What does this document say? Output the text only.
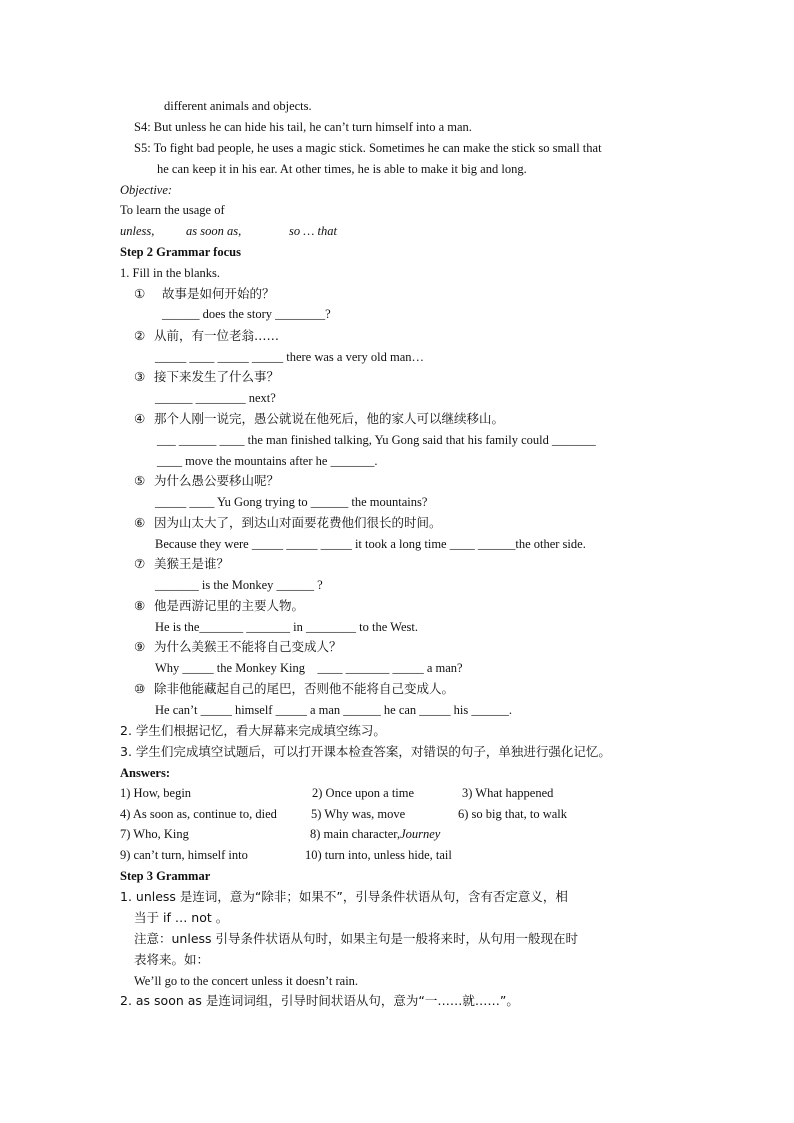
different animals and objects.
S4: But unless he can hide his tail, he can’t turn himself into a man.
S5: To fight bad people, he uses a magic stick. Sometimes he can make the stick so small that
he can keep it in his ear. At other times, he is able to make it big and long.
Objective:
To learn the usage of
unless,	as soon as,	so … that
Step 2 Grammar focus
1. Fill in the blanks.
① 故事是如何开始的？
______ does the story ________?
② 从前，有一位老翁……
_____ ____ _____ _____ there was a very old man…
③ 接下来发生了什么事？
______ ________ next?
④ 那个人刚一说完，愚公就说在他死后，他的家人可以继续移山。
___ ______ ____ the man finished talking, Yu Gong said that his family could _______
____ move the mountains after he _______.
⑤ 为什么愚公要移山呢？
_____ ____ Yu Gong trying to ______ the mountains?
⑥ 因为山太大了，到达山对面要花费他们很长的时间。
Because they were _____ _____ _____ it took a long time ____ ______the other side.
⑦ 美猴王是谁？
_______ is the Monkey ______ ?
⑧ 他是西游记里的主要人物。
He is the_______ _______ in ________ to the West.
⑨ 为什么美猴王不能将自己变成人？
Why _____ the Monkey King    ____ _______ _____ a man?
⑩ 除非他能藏起自己的尾巴，否则他不能将自己变成人。
He can’t _____ himself _____ a man ______ he can _____ his ______.
2. 学生们根据记忆，看大屏幕来完成填空练习。
3. 学生们完成填空试题后，可以打开课本检查答案，对错误的句子，单独进行强化记忆。
Answers:
1) How, begin	2) Once upon a time	3) What happened
4) As soon as, continue to, died	5) Why was, move	6) so big that, to walk
7) Who, King	8) main character,Journey
9) can’t turn, himself into	10) turn into, unless hide, tail
Step 3 Grammar
1. unless 是连词，意为“除非；如果不”，引导条件状语从句，含有否定意义，相
当于 if … not 。
注意：unless 引导条件状语从句时，如果主句是一般将来时，从句用一般现在时
表将来。如：
We’ll go to the concert unless it doesn’t rain.
2. as soon as 是连词词组，引导时间状语从句，意为“一……就……”。
